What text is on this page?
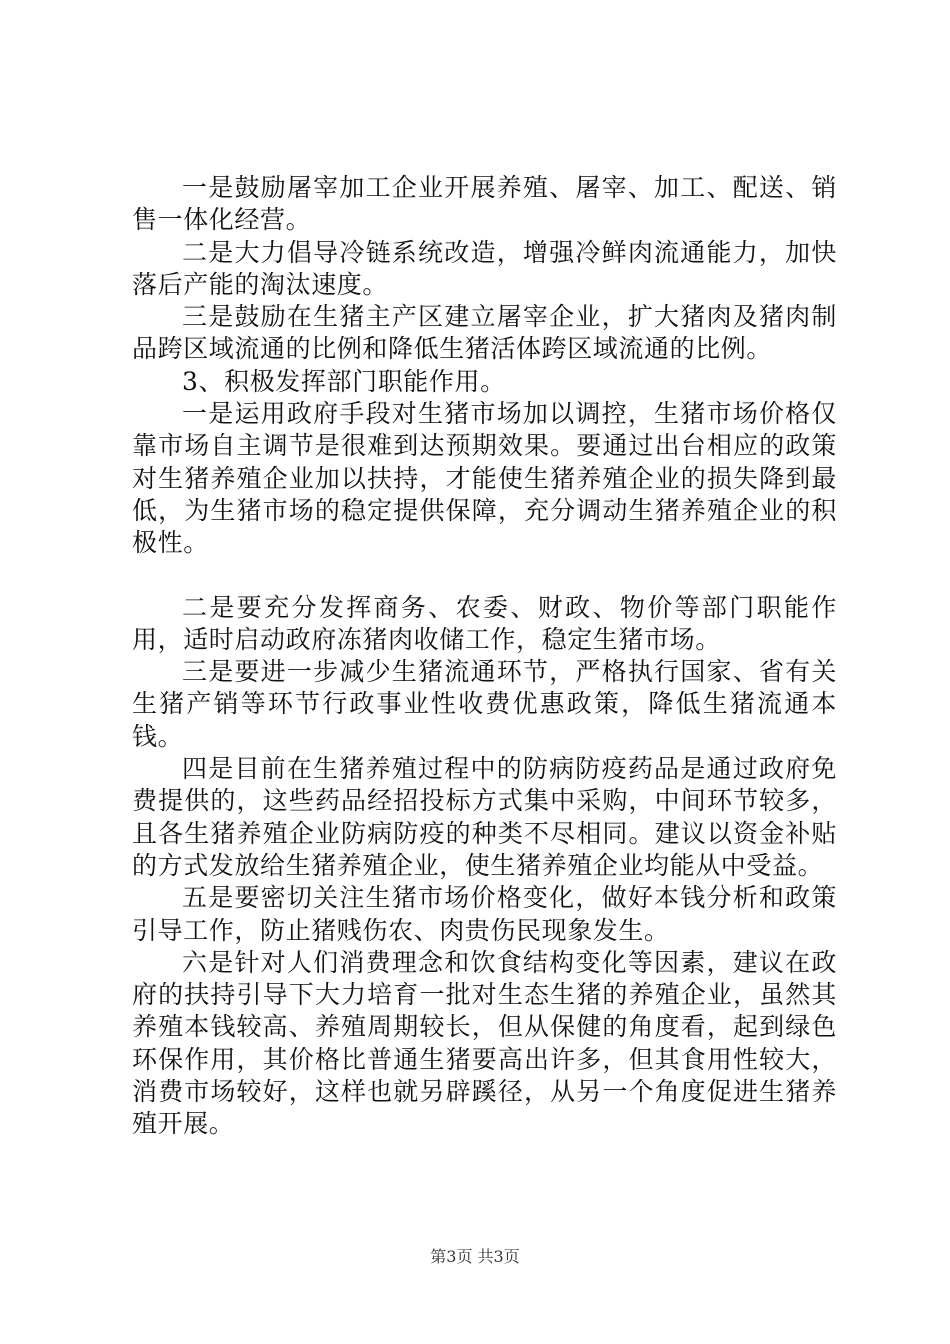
一是鼓励屠宰加工企业开展养殖、屠宰、加工、配送、销售一体化经营。

二是大力倡导冷链系统改造，增强冷鲜肉流通能力，加快落后产能的淘汰速度。

三是鼓励在生猪主产区建立屠宰企业，扩大猪肉及猪肉制品跨区域流通的比例和降低生猪活体跨区域流通的比例。

3、积极发挥部门职能作用。

一是运用政府手段对生猪市场加以调控，生猪市场价格仅靠市场自主调节是很难到达预期效果。要通过出台相应的政策对生猪养殖企业加以扶持，才能使生猪养殖企业的损失降到最低，为生猪市场的稳定提供保障，充分调动生猪养殖企业的积极性。

二是要充分发挥商务、农委、财政、物价等部门职能作用，适时启动政府冻猪肉收储工作，稳定生猪市场。

三是要进一步减少生猪流通环节，严格执行国家、省有关生猪产销等环节行政事业性收费优惠政策，降低生猪流通本钱。

四是目前在生猪养殖过程中的防病防疫药品是通过政府免费提供的，这些药品经招投标方式集中采购，中间环节较多，且各生猪养殖企业防病防疫的种类不尽相同。建议以资金补贴的方式发放给生猪养殖企业，使生猪养殖企业均能从中受益。

五是要密切关注生猪市场价格变化，做好本钱分析和政策引导工作，防止猪贱伤农、肉贵伤民现象发生。

六是针对人们消费理念和饮食结构变化等因素，建议在政府的扶持引导下大力培育一批对生态生猪的养殖企业，虽然其养殖本钱较高、养殖周期较长，但从保健的角度看，起到绿色环保作用，其价格比普通生猪要高出许多，但其食用性较大，消费市场较好，这样也就另辟蹊径，从另一个角度促进生猪养殖开展。

第3页 共3页
